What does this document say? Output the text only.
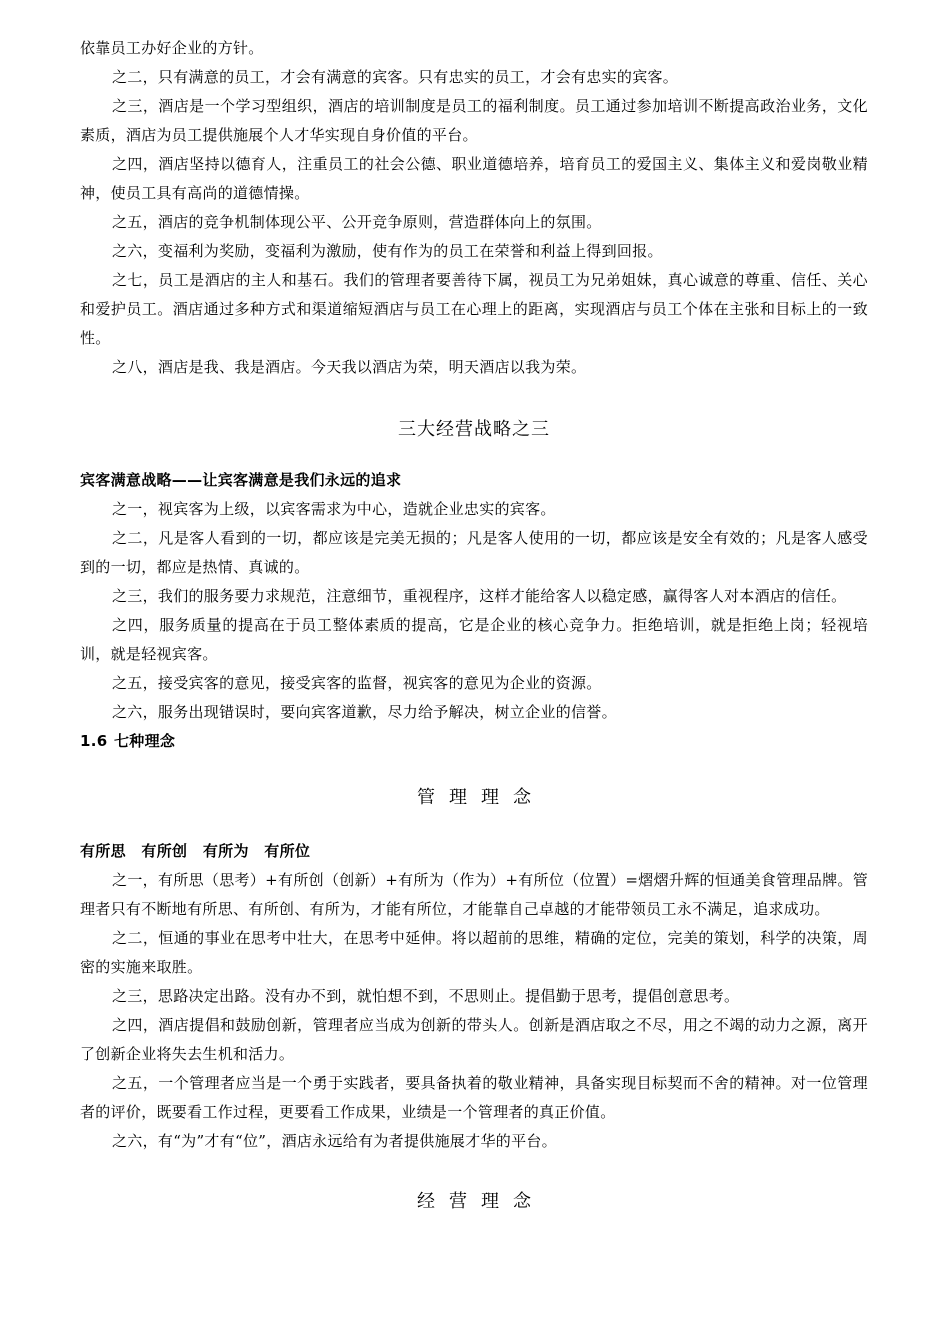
依靠员工办好企业的方针。

之二，只有满意的员工，才会有满意的宾客。只有忠实的员工，才会有忠实的宾客。

之三，酒店是一个学习型组织，酒店的培训制度是员工的福利制度。员工通过参加培训不断提高政治业务，文化素质，酒店为员工提供施展个人才华实现自身价值的平台。

之四，酒店坚持以德育人，注重员工的社会公德、职业道德培养，培育员工的爱国主义、集体主义和爱岗敬业精神，使员工具有高尚的道德情操。

之五，酒店的竞争机制体现公平、公开竞争原则，营造群体向上的氛围。

之六，变福利为奖励，变福利为激励，使有作为的员工在荣誉和利益上得到回报。

之七，员工是酒店的主人和基石。我们的管理者要善待下属，视员工为兄弟姐妹，真心诚意的尊重、信任、关心和爱护员工。酒店通过多种方式和渠道缩短酒店与员工在心理上的距离，实现酒店与员工个体在主张和目标上的一致性。

之八，酒店是我、我是酒店。今天我以酒店为荣，明天酒店以我为荣。

三大经营战略之三

宾客满意战略——让宾客满意是我们永远的追求

之一，视宾客为上级，以宾客需求为中心，造就企业忠实的宾客。

之二，凡是客人看到的一切，都应该是完美无损的；凡是客人使用的一切，都应该是安全有效的；凡是客人感受到的一切，都应是热情、真诚的。

之三，我们的服务要力求规范，注意细节，重视程序，这样才能给客人以稳定感，赢得客人对本酒店的信任。

之四，服务质量的提高在于员工整体素质的提高，它是企业的核心竞争力。拒绝培训，就是拒绝上岗；轻视培训，就是轻视宾客。

之五，接受宾客的意见，接受宾客的监督，视宾客的意见为企业的资源。

之六，服务出现错误时，要向宾客道歉，尽力给予解决，树立企业的信誉。

1.6 七种理念

管理理念

有所思 有所创 有所为 有所位

之一，有所思（思考）+有所创（创新）+有所为（作为）+有所位（位置）=熠熠升辉的恒通美食管理品牌。管理者只有不断地有所思、有所创、有所为，才能有所位，才能靠自己卓越的才能带领员工永不满足，追求成功。

之二，恒通的事业在思考中壮大，在思考中延伸。将以超前的思维，精确的定位，完美的策划，科学的决策，周密的实施来取胜。

之三，思路决定出路。没有办不到，就怕想不到，不思则止。提倡勤于思考，提倡创意思考。

之四，酒店提倡和鼓励创新，管理者应当成为创新的带头人。创新是酒店取之不尽，用之不竭的动力之源，离开了创新企业将失去生机和活力。

之五，一个管理者应当是一个勇于实践者，要具备执着的敬业精神，具备实现目标契而不舍的精神。对一位管理者的评价，既要看工作过程，更要看工作成果，业绩是一个管理者的真正价值。

之六，有“为”才有“位”，酒店永远给有为者提供施展才华的平台。

经营理念
